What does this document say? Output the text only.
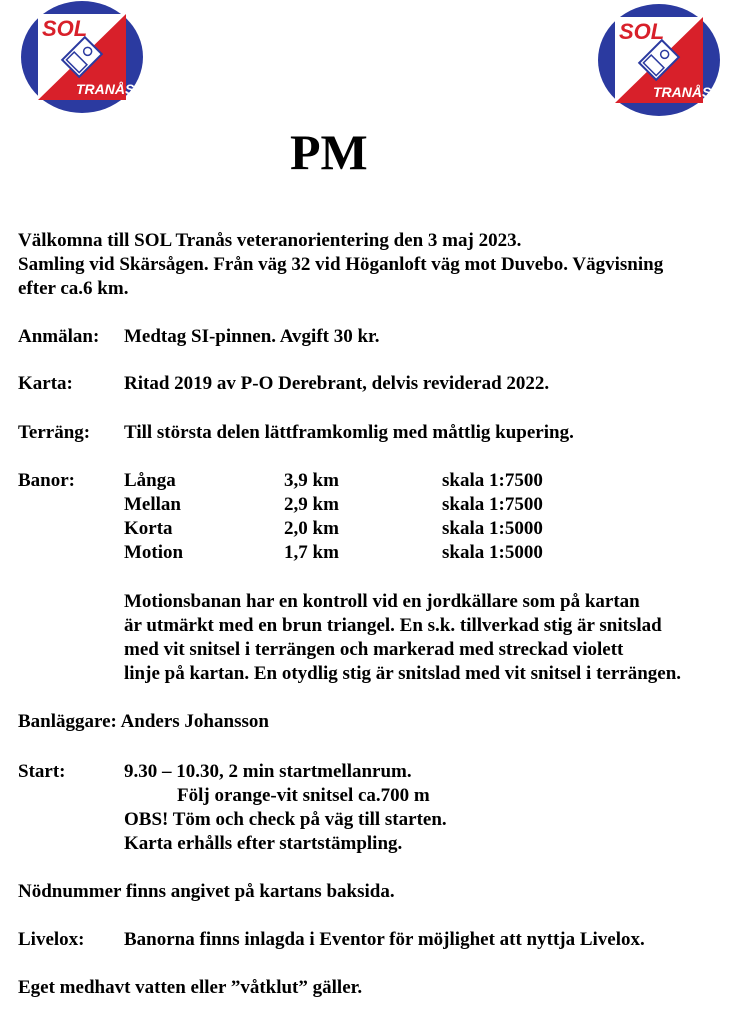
SOL
TRANÅS
SOL
TRANÅS
PM
Välkomna till SOL Tranås veteranorientering den 3 maj 2023.
Samling vid Skärsågen. Från väg 32 vid Höganloft väg mot Duvebo. Vägvisning
efter ca.6 km.
Anmälan: Medtag SI-pinnen. Avgift 30 kr.
Karta:	Ritad 2019 av P-O Derebrant, delvis reviderad 2022.
Terräng: Till största delen lättframkomlig med måttlig kupering.
Banor:	Långa	3,9 km	skala 1:7500
Mellan	2,9 km	skala 1:7500
Korta	2,0 km	skala 1:5000
Motion	1,7 km	skala 1:5000
Motionsbanan har en kontroll vid en jordkällare som på kartan
är utmärkt med en brun triangel. En s.k. tillverkad stig är snitslad
med vit snitsel i terrängen och markerad med streckad violett
linje på kartan. En otydlig stig är snitslad med vit snitsel i terrängen.
Banläggare: Anders Johansson
Start:	9.30 – 10.30, 2 min startmellanrum.
Följ orange-vit snitsel ca.700 m
OBS! Töm och check på väg till starten.
Karta erhålls efter startstämpling.
Nödnummer finns angivet på kartans baksida.
Livelox: Banorna finns inlagda i Eventor för möjlighet att nyttja Livelox.
Eget medhavt vatten eller ”våtklut” gäller.
